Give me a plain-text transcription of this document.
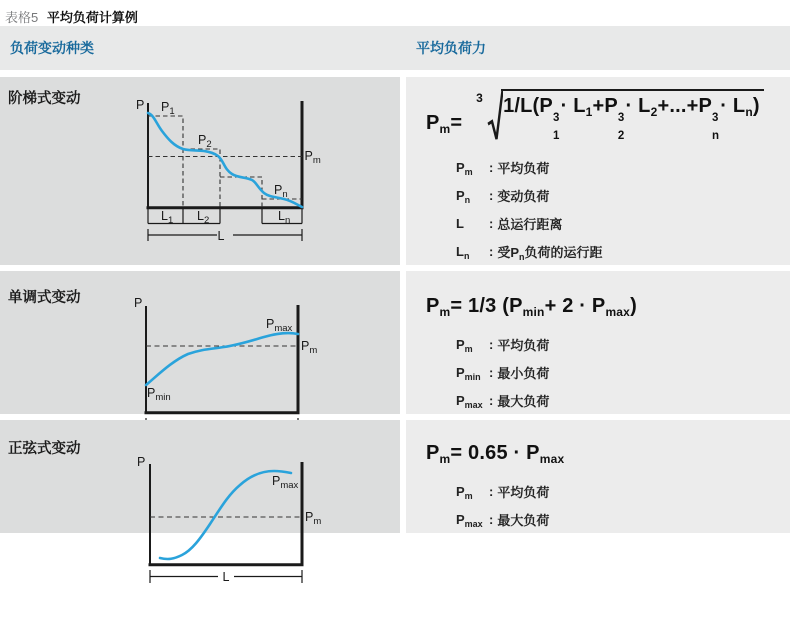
表格5 平均负荷计算例
负荷变动种类	平均负荷力
阶梯式变动	P $P_1$
$P_2$
$P_n$
$P_m$
$L_1$ $L_2$	$L_n$
L
$P_m=$
3 1/L(P
3
1
· $L_1+P$
3
2
· $L_2+...+P$
3
n
· $L_n$)
$P_m$	: 平均负荷
$P_n$	: 变动负荷
L	: 总运行距离
$L_n$	: 受$P_n$负荷的运行距
单调式变动	P
$P_{max}$
$P_m$
$P_{min}$
$P_m= 1/3$ $(P_{min}+ 2 \cdot P_{max})$
$P_m$	: 平均负荷
$P_{min}$ : 最小负荷
$P_{max}$ : 最大负荷
正弦式变动
P
$P_{max}$
$P_m$
L
$P_m= 0.65 \cdot P_{max}$
$P_m$	: 平均负荷
$P_{max}$ : 最大负荷
